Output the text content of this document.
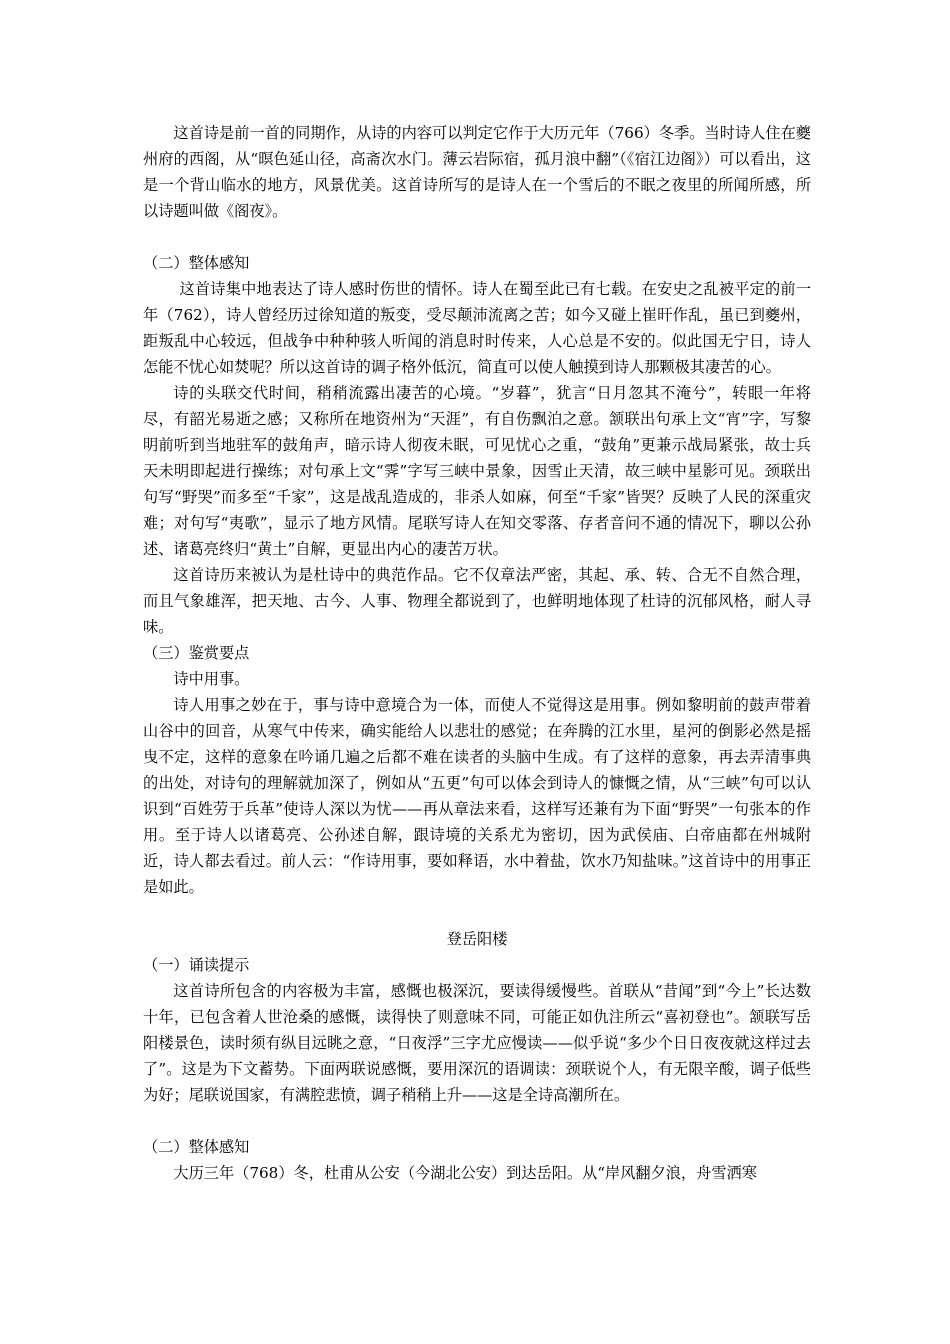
这首诗是前一首的同期作，从诗的内容可以判定它作于大历元年（766）冬季。当时诗人住在夔州府的西阁，从“暝色延山径，高斋次水门。薄云岩际宿，孤月浪中翻”（《宿江边阁》）可以看出，这是一个背山临水的地方，风景优美。这首诗所写的是诗人在一个雪后的不眠之夜里的所闻所感，所以诗题叫做《阁夜》。

（二）整体感知

这首诗集中地表达了诗人感时伤世的情怀。诗人在蜀至此已有七载。在安史之乱被平定的前一年（762），诗人曾经历过徐知道的叛变，受尽颠沛流离之苦；如今又碰上崔旰作乱，虽已到夔州，距叛乱中心较远，但战争中种种骇人听闻的消息时时传来，人心总是不安的。似此国无宁日，诗人怎能不忧心如焚呢？所以这首诗的调子格外低沉，简直可以使人触摸到诗人那颗极其凄苦的心。

诗的头联交代时间，稍稍流露出凄苦的心境。“岁暮”，犹言“日月忽其不淹兮”，转眼一年将尽，有韶光易逝之感；又称所在地资州为“天涯”，有自伤飘泊之意。颔联出句承上文“宵”字，写黎明前听到当地驻军的鼓角声，暗示诗人彻夜未眠，可见忧心之重，“鼓角”更兼示战局紧张，故士兵天未明即起进行操练；对句承上文“霁”字写三峡中景象，因雪止天清，故三峡中星影可见。颈联出句写“野哭”而多至“千家”，这是战乱造成的，非杀人如麻，何至“千家”皆哭？反映了人民的深重灾难；对句写“夷歌”，显示了地方风情。尾联写诗人在知交零落、存者音问不通的情况下，聊以公孙述、诸葛亮终归“黄土”自解，更显出内心的凄苦万状。

这首诗历来被认为是杜诗中的典范作品。它不仅章法严密，其起、承、转、合无不自然合理，而且气象雄浑，把天地、古今、人事、物理全都说到了，也鲜明地体现了杜诗的沉郁风格，耐人寻味。

（三）鉴赏要点

诗中用事。

诗人用事之妙在于，事与诗中意境合为一体，而使人不觉得这是用事。例如黎明前的鼓声带着山谷中的回音，从寒气中传来，确实能给人以悲壮的感觉；在奔腾的江水里，星河的倒影必然是摇曳不定，这样的意象在吟诵几遍之后都不难在读者的头脑中生成。有了这样的意象，再去弄清事典的出处，对诗句的理解就加深了，例如从“五更”句可以体会到诗人的慷慨之情，从“三峡”句可以认识到“百姓劳于兵革”使诗人深以为忧——再从章法来看，这样写还兼有为下面“野哭”一句张本的作用。至于诗人以诸葛亮、公孙述自解，跟诗境的关系尤为密切，因为武侯庙、白帝庙都在州城附近，诗人都去看过。前人云：“作诗用事，要如释语，水中着盐，饮水乃知盐味。”这首诗中的用事正是如此。

登岳阳楼

（一）诵读提示

这首诗所包含的内容极为丰富，感慨也极深沉，要读得缓慢些。首联从“昔闻”到“今上”长达数十年，已包含着人世沧桑的感慨，读得快了则意味不同，可能正如仇注所云“喜初登也”。颔联写岳阳楼景色，读时须有纵目远眺之意，“日夜浮”三字尤应慢读——似乎说“多少个日日夜夜就这样过去了”。这是为下文蓄势。下面两联说感慨，要用深沉的语调读：颈联说个人，有无限辛酸，调子低些为好；尾联说国家，有满腔悲愤，调子稍稍上升——这是全诗高潮所在。

（二）整体感知

大历三年（768）冬，杜甫从公安（今湖北公安）到达岳阳。从“岸风翻夕浪，舟雪洒寒
